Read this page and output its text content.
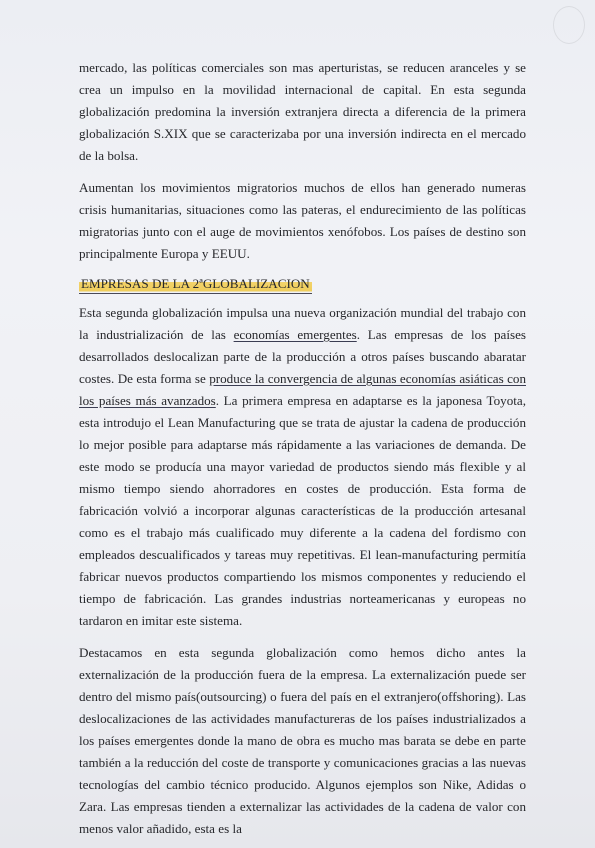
mercado, las políticas comerciales son mas aperturistas, se reducen aranceles y se crea un impulso en la movilidad internacional de capital. En esta segunda globalización predomina la inversión extranjera directa a diferencia de la primera globalización S.XIX que se caracterizaba por una inversión indirecta en el mercado de la bolsa.

Aumentan los movimientos migratorios muchos de ellos han generado numeras crisis humanitarias, situaciones como las pateras, el endurecimiento de las políticas migratorias junto con el auge de movimientos xenófobos. Los países de destino son principalmente Europa y EEUU.

EMPRESAS DE LA 2ªGLOBALIZACION

Esta segunda globalización impulsa una nueva organización mundial del trabajo con la industrialización de las economías emergentes. Las empresas de los países desarrollados deslocalizan parte de la producción a otros países buscando abaratar costes. De esta forma se produce la convergencia de algunas economías asiáticas con los países más avanzados. La primera empresa en adaptarse es la japonesa Toyota, esta introdujo el Lean Manufacturing que se trata de ajustar la cadena de producción lo mejor posible para adaptarse más rápidamente a las variaciones de demanda. De este modo se producía una mayor variedad de productos siendo más flexible y al mismo tiempo siendo ahorradores en costes de producción. Esta forma de fabricación volvió a incorporar algunas características de la producción artesanal como es el trabajo más cualificado muy diferente a la cadena del fordismo con empleados descualificados y tareas muy repetitivas. El lean-manufacturing permitía fabricar nuevos productos compartiendo los mismos componentes y reduciendo el tiempo de fabricación. Las grandes industrias norteamericanas y europeas no tardaron en imitar este sistema.

Destacamos en esta segunda globalización como hemos dicho antes la externalización de la producción fuera de la empresa. La externalización puede ser dentro del mismo país(outsourcing) o fuera del país en el extranjero(offshoring). Las deslocalizaciones de las actividades manufactureras de los países industrializados a los países emergentes donde la mano de obra es mucho mas barata se debe en parte también a la reducción del coste de transporte y comunicaciones gracias a las nuevas tecnologías del cambio técnico producido. Algunos ejemplos son Nike, Adidas o Zara. Las empresas tienden a externalizar las actividades de la cadena de valor con menos valor añadido, esta es la
